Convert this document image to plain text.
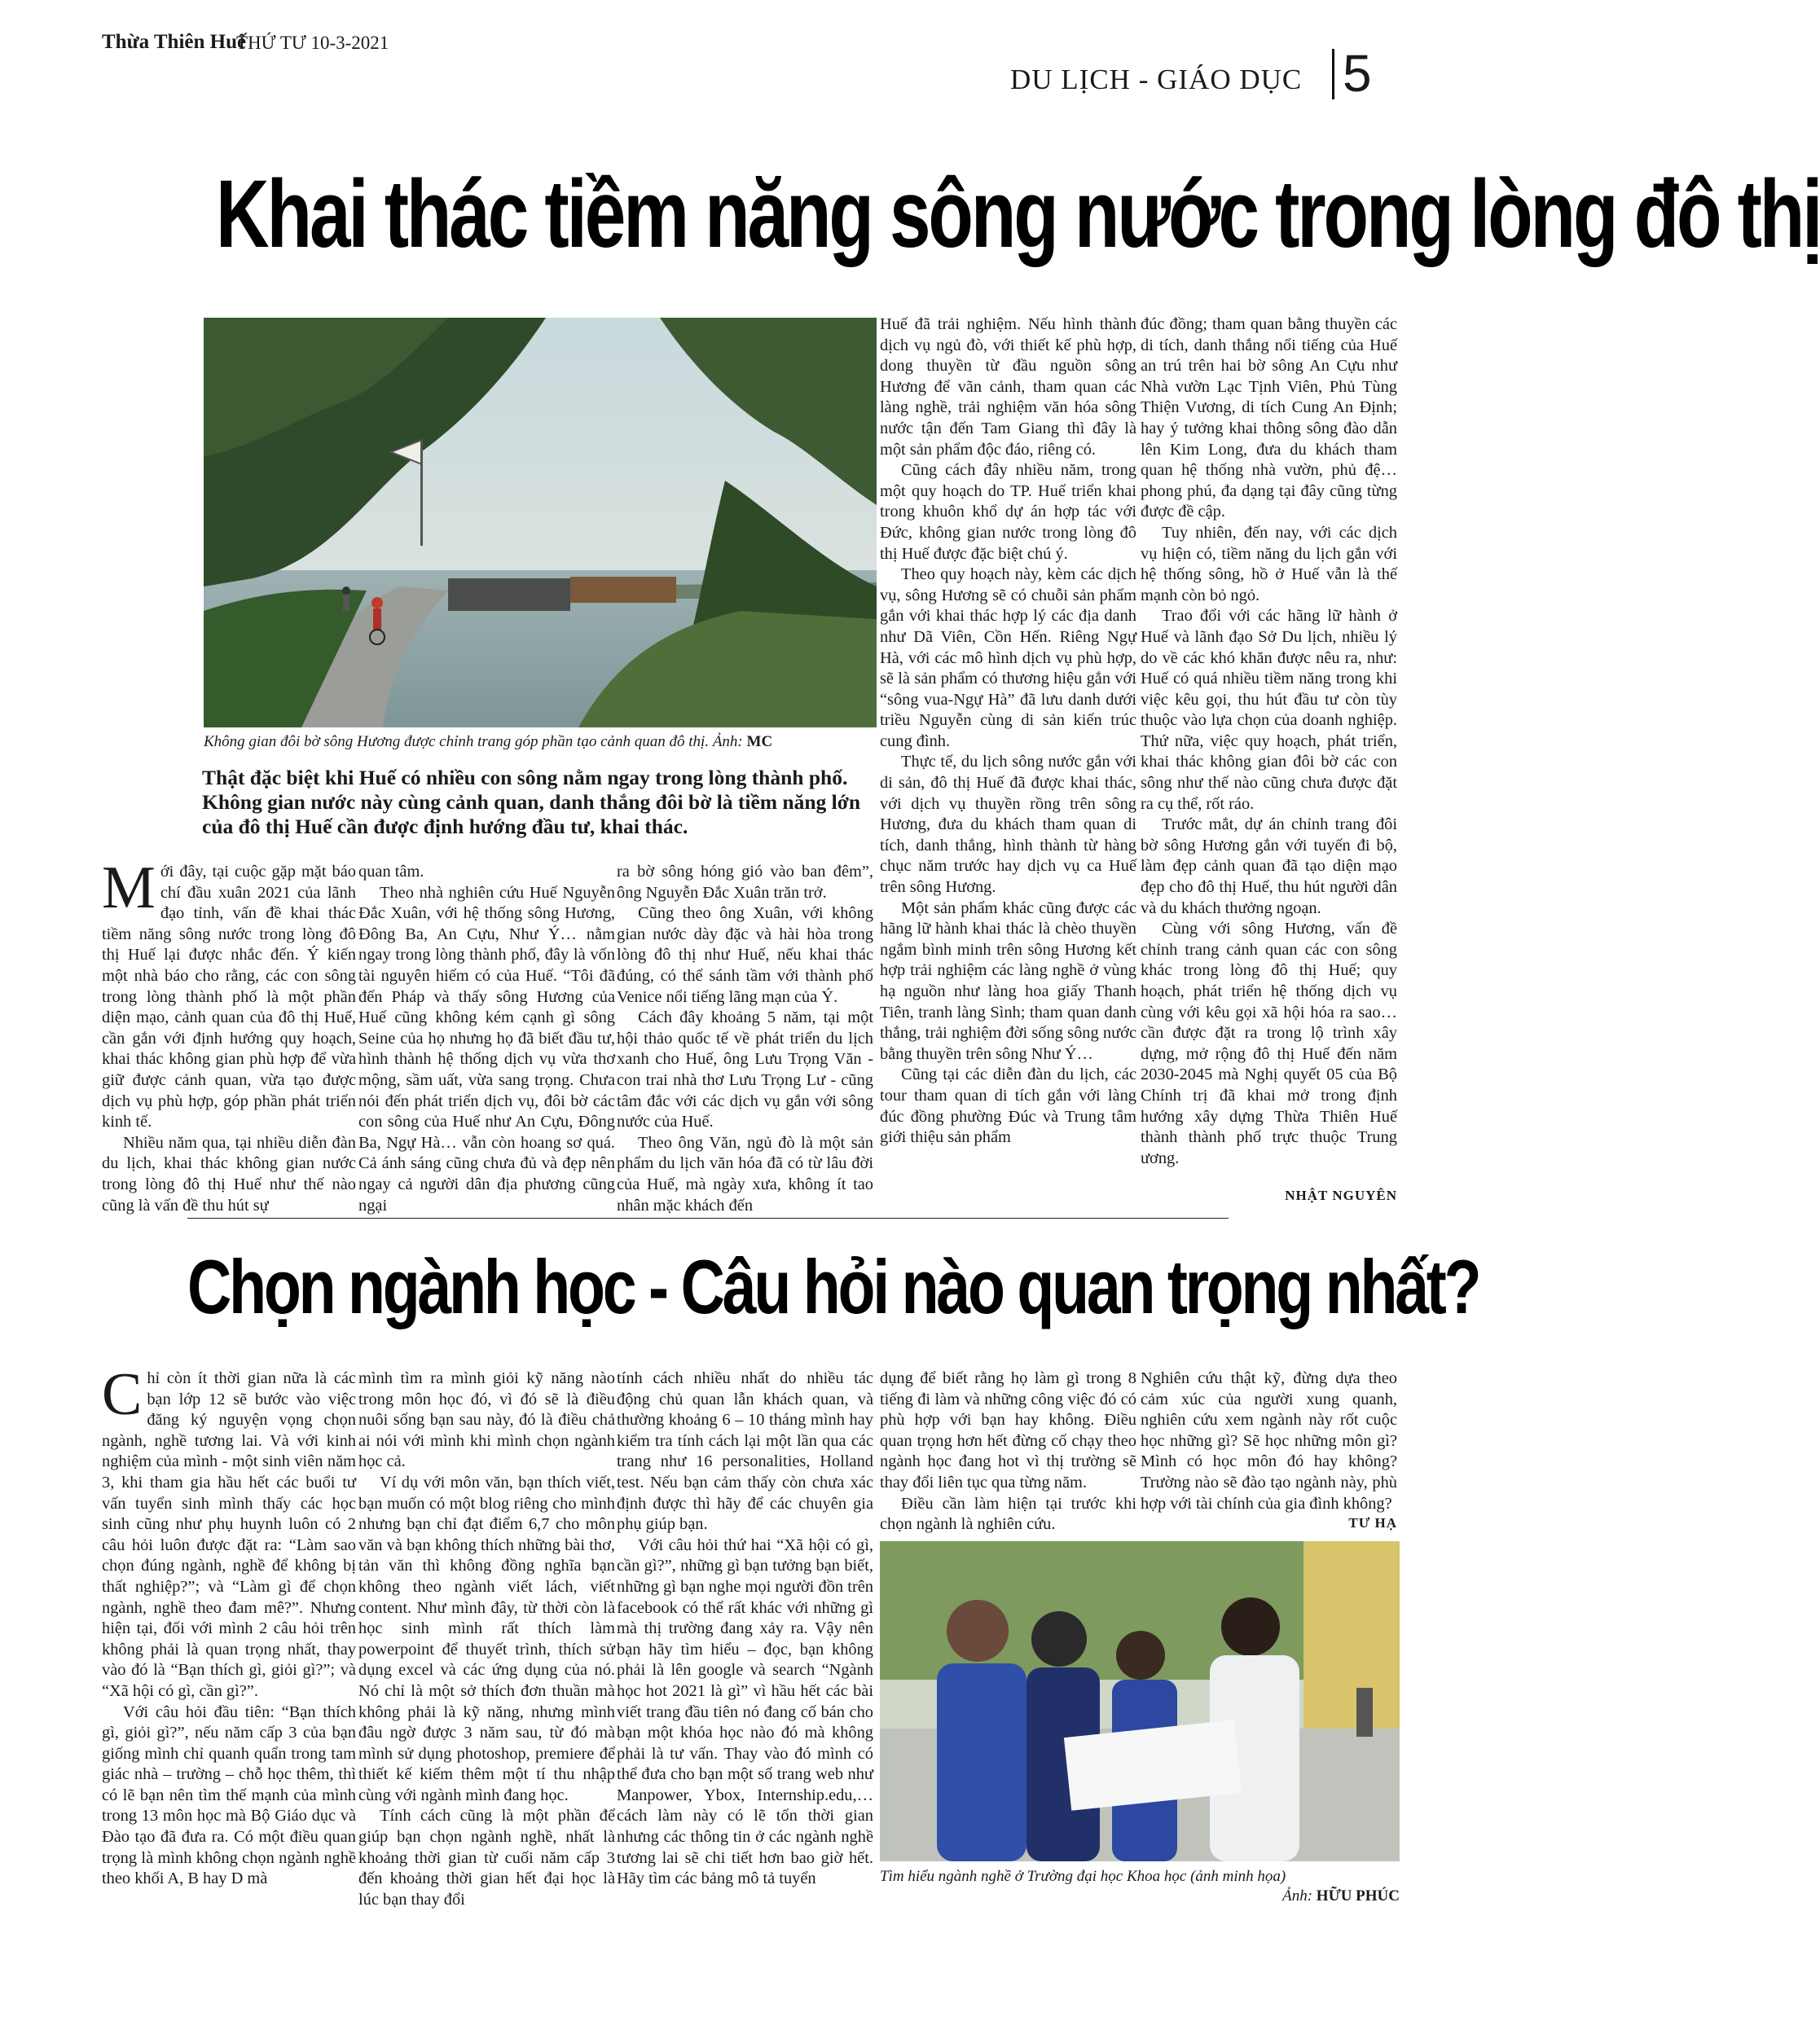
Thừa Thiên Huế
THỨ TƯ 10-3-2021
DU LỊCH - GIÁO DỤC 5
Khai thác tiềm năng sông nước trong lòng đô thị
Không gian đôi bờ sông Hương được chỉnh trang góp phần tạo cảnh quan đô thị. Ảnh: MC
Thật đặc biệt khi Huế có nhiều con sông nằm ngay trong lòng thành phố. Không gian nước này cùng cảnh quan, danh thắng đôi bờ là tiềm năng lớn của đô thị Huế cần được định hướng đầu tư, khai thác.

Mới đây, tại cuộc gặp mặt báo chí đầu xuân 2021 của lãnh đạo tỉnh, vấn đề khai thác tiềm năng sông nước trong lòng đô thị Huế lại được nhắc đến. Ý kiến một nhà báo cho rằng, các con sông trong lòng thành phố là một phần diện mạo, cảnh quan của đô thị Huế, cần gắn với định hướng quy hoạch, khai thác không gian phù hợp để vừa giữ được cảnh quan, vừa tạo được dịch vụ phù hợp, góp phần phát triển kinh tế.

Nhiều năm qua, tại nhiều diễn đàn du lịch, khai thác không gian nước trong lòng đô thị Huế như thế nào cũng là vấn đề thu hút sự

quan tâm.

Theo nhà nghiên cứu Huế Nguyễn Đắc Xuân, với hệ thống sông Hương, Đông Ba, An Cựu, Như Ý… nằm ngay trong lòng thành phố, đây là vốn tài nguyên hiếm có của Huế. “Tôi đã đến Pháp và thấy sông Hương của Huế cũng không kém cạnh gì sông Seine của họ nhưng họ đã biết đầu tư, hình thành hệ thống dịch vụ vừa thơ mộng, sầm uất, vừa sang trọng. Chưa nói đến phát triển dịch vụ, đôi bờ các con sông của Huế như An Cựu, Đông Ba, Ngự Hà… vẫn còn hoang sơ quá. Cả ánh sáng cũng chưa đủ và đẹp nên ngay cả người dân địa phương cũng ngại

ra bờ sông hóng gió vào ban đêm”, ông Nguyễn Đắc Xuân trăn trở.

Cũng theo ông Xuân, với không gian nước dày đặc và hài hòa trong lòng đô thị như Huế, nếu khai thác đúng, có thể sánh tầm với thành phố Venice nổi tiếng lãng mạn của Ý.

Cách đây khoảng 5 năm, tại một hội thảo quốc tế về phát triển du lịch xanh cho Huế, ông Lưu Trọng Văn - con trai nhà thơ Lưu Trọng Lư - cũng tâm đắc với các dịch vụ gắn với sông nước của Huế.

Theo ông Văn, ngủ đò là một sản phẩm du lịch văn hóa đã có từ lâu đời của Huế, mà ngày xưa, không ít tao nhân mặc khách đến

Huế đã trải nghiệm. Nếu hình thành dịch vụ ngủ đò, với thiết kế phù hợp, dong thuyền từ đầu nguồn sông Hương để vãn cảnh, tham quan các làng nghề, trải nghiệm văn hóa sông nước tận đến Tam Giang thì đây là một sản phẩm độc đáo, riêng có.

Cũng cách đây nhiều năm, trong một quy hoạch do TP. Huế triển khai trong khuôn khổ dự án hợp tác với Đức, không gian nước trong lòng đô thị Huế được đặc biệt chú ý.

Theo quy hoạch này, kèm các dịch vụ, sông Hương sẽ có chuỗi sản phẩm gắn với khai thác hợp lý các địa danh như Dã Viên, Cồn Hến. Riêng Ngự Hà, với các mô hình dịch vụ phù hợp, sẽ là sản phẩm có thương hiệu gắn với “sông vua-Ngự Hà” đã lưu danh dưới triều Nguyễn cùng di sản kiến trúc cung đình.

Thực tế, du lịch sông nước gắn với di sản, đô thị Huế đã được khai thác, với dịch vụ thuyền rồng trên sông Hương, đưa du khách tham quan di tích, danh thắng, hình thành từ hàng chục năm trước hay dịch vụ ca Huế trên sông Hương.

Một sản phẩm khác cũng được các hãng lữ hành khai thác là chèo thuyền ngắm bình minh trên sông Hương kết hợp trải nghiệm các làng nghề ở vùng hạ nguồn như làng hoa giấy Thanh Tiên, tranh làng Sình; tham quan danh thắng, trải nghiệm đời sống sông nước bằng thuyền trên sông Như Ý…

Cũng tại các diễn đàn du lịch, các tour tham quan di tích gắn với làng đúc đồng phường Đúc và Trung tâm giới thiệu sản phẩm

đúc đồng; tham quan bằng thuyền các di tích, danh thắng nổi tiếng của Huế an trú trên hai bờ sông An Cựu như Nhà vườn Lạc Tịnh Viên, Phủ Tùng Thiện Vương, di tích Cung An Định; hay ý tưởng khai thông sông đào dẫn lên Kim Long, đưa du khách tham quan hệ thống nhà vườn, phủ đệ…phong phú, đa dạng tại đây cũng từng được đề cập.

Tuy nhiên, đến nay, với các dịch vụ hiện có, tiềm năng du lịch gắn với hệ thống sông, hồ ở Huế vẫn là thế mạnh còn bỏ ngỏ.

Trao đổi với các hãng lữ hành ở Huế và lãnh đạo Sở Du lịch, nhiều lý do về các khó khăn được nêu ra, như: Huế có quá nhiều tiềm năng trong khi việc kêu gọi, thu hút đầu tư còn tùy thuộc vào lựa chọn của doanh nghiệp. Thứ nữa, việc quy hoạch, phát triển, khai thác không gian đôi bờ các con sông như thế nào cũng chưa được đặt ra cụ thể, rốt ráo.

Trước mắt, dự án chỉnh trang đôi bờ sông Hương gắn với tuyến đi bộ, làm đẹp cảnh quan đã tạo diện mạo đẹp cho đô thị Huế, thu hút người dân và du khách thưởng ngoạn.

Cùng với sông Hương, vấn đề chỉnh trang cảnh quan các con sông khác trong lòng đô thị Huế; quy hoạch, phát triển hệ thống dịch vụ cùng với kêu gọi xã hội hóa ra sao… cần được đặt ra trong lộ trình xây dựng, mở rộng đô thị Huế đến năm 2030-2045 mà Nghị quyết 05 của Bộ Chính trị đã khai mở trong định hướng xây dựng Thừa Thiên Huế thành thành phố trực thuộc Trung ương.

NHẬT NGUYÊN
Chọn ngành học - Câu hỏi nào quan trọng nhất?

Chỉ còn ít thời gian nữa là các bạn lớp 12 sẽ bước vào việc đăng ký nguyện vọng chọn ngành, nghề tương lai. Và với kinh nghiệm của mình - một sinh viên năm 3, khi tham gia hầu hết các buổi tư vấn tuyển sinh mình thấy các học sinh cũng như phụ huynh luôn có 2 câu hỏi luôn được đặt ra: “Làm sao chọn đúng ngành, nghề để không bị thất nghiệp?”; và “Làm gì để chọn ngành, nghề theo đam mê?”. Nhưng hiện tại, đối với mình 2 câu hỏi trên không phải là quan trọng nhất, thay vào đó là “Bạn thích gì, giỏi gì?”; và “Xã hội có gì, cần gì?”.

Với câu hỏi đầu tiên: “Bạn thích gì, giỏi gì?”, nếu năm cấp 3 của bạn giống mình chỉ quanh quẩn trong tam giác nhà – trường – chỗ học thêm, thì có lẽ bạn nên tìm thế mạnh của mình trong 13 môn học mà Bộ Giáo dục và Đào tạo đã đưa ra. Có một điều quan trọng là mình không chọn ngành nghề theo khối A, B hay D mà

mình tìm ra mình giỏi kỹ năng nào trong môn học đó, vì đó sẽ là điều nuôi sống bạn sau này, đó là điều chả ai nói với mình khi mình chọn ngành học cả.

Ví dụ với môn văn, bạn thích viết, bạn muốn có một blog riêng cho mình nhưng bạn chỉ đạt điểm 6,7 cho môn văn và bạn không thích những bài thơ, tản văn thì không đồng nghĩa bạn không theo ngành viết lách, viết content. Như mình đây, từ thời còn là học sinh mình rất thích làm powerpoint để thuyết trình, thích sử dụng excel và các ứng dụng của nó. Nó chỉ là một sở thích đơn thuần mà không phải là kỹ năng, nhưng mình đâu ngờ được 3 năm sau, từ đó mà mình sử dụng photoshop, premiere để thiết kế kiếm thêm một tí thu nhập cùng với ngành mình đang học.

Tính cách cũng là một phần để giúp bạn chọn ngành nghề, nhất là khoảng thời gian từ cuối năm cấp 3 đến khoảng thời gian hết đại học là lúc bạn thay đổi

tính cách nhiều nhất do nhiều tác động chủ quan lẫn khách quan, và thường khoảng 6 – 10 tháng mình hay kiểm tra tính cách lại một lần qua các trang như 16 personalities, Holland test. Nếu bạn cảm thấy còn chưa xác định được thì hãy để các chuyên gia phụ giúp bạn.

Với câu hỏi thứ hai “Xã hội có gì, cần gì?”, những gì bạn tưởng bạn biết, những gì bạn nghe mọi người đồn trên facebook có thể rất khác với những gì mà thị trường đang xảy ra. Vậy nên bạn hãy tìm hiểu – đọc, bạn không phải là lên google và search “Ngành học hot 2021 là gì” vì hầu hết các bài viết trang đầu tiên nó đang cố bán cho bạn một khóa học nào đó mà không phải là tư vấn. Thay vào đó mình có thể đưa cho bạn một số trang web như Manpower, Ybox, Internship.edu,… cách làm này có lẽ tốn thời gian nhưng các thông tin ở các ngành nghề tương lai sẽ chi tiết hơn bao giờ hết. Hãy tìm các bảng mô tả tuyển

dụng để biết rằng họ làm gì trong 8 tiếng đi làm và những công việc đó có phù hợp với bạn hay không. Điều quan trọng hơn hết đừng cố chạy theo ngành học đang hot vì thị trường sẽ thay đổi liên tục qua từng năm.

Điều cần làm hiện tại trước khi chọn ngành là nghiên cứu.

Nghiên cứu thật kỹ, đừng dựa theo cảm xúc của người xung quanh, nghiên cứu xem ngành này rốt cuộc học những gì? Sẽ học những môn gì? Mình có học môn đó hay không? Trường nào sẽ đào tạo ngành này, phù hợp với tài chính của gia đình không?

TƯ HẠ
Tìm hiểu ngành nghề ở Trường đại học Khoa học (ảnh minh họa)
Ảnh: HỮU PHÚC
